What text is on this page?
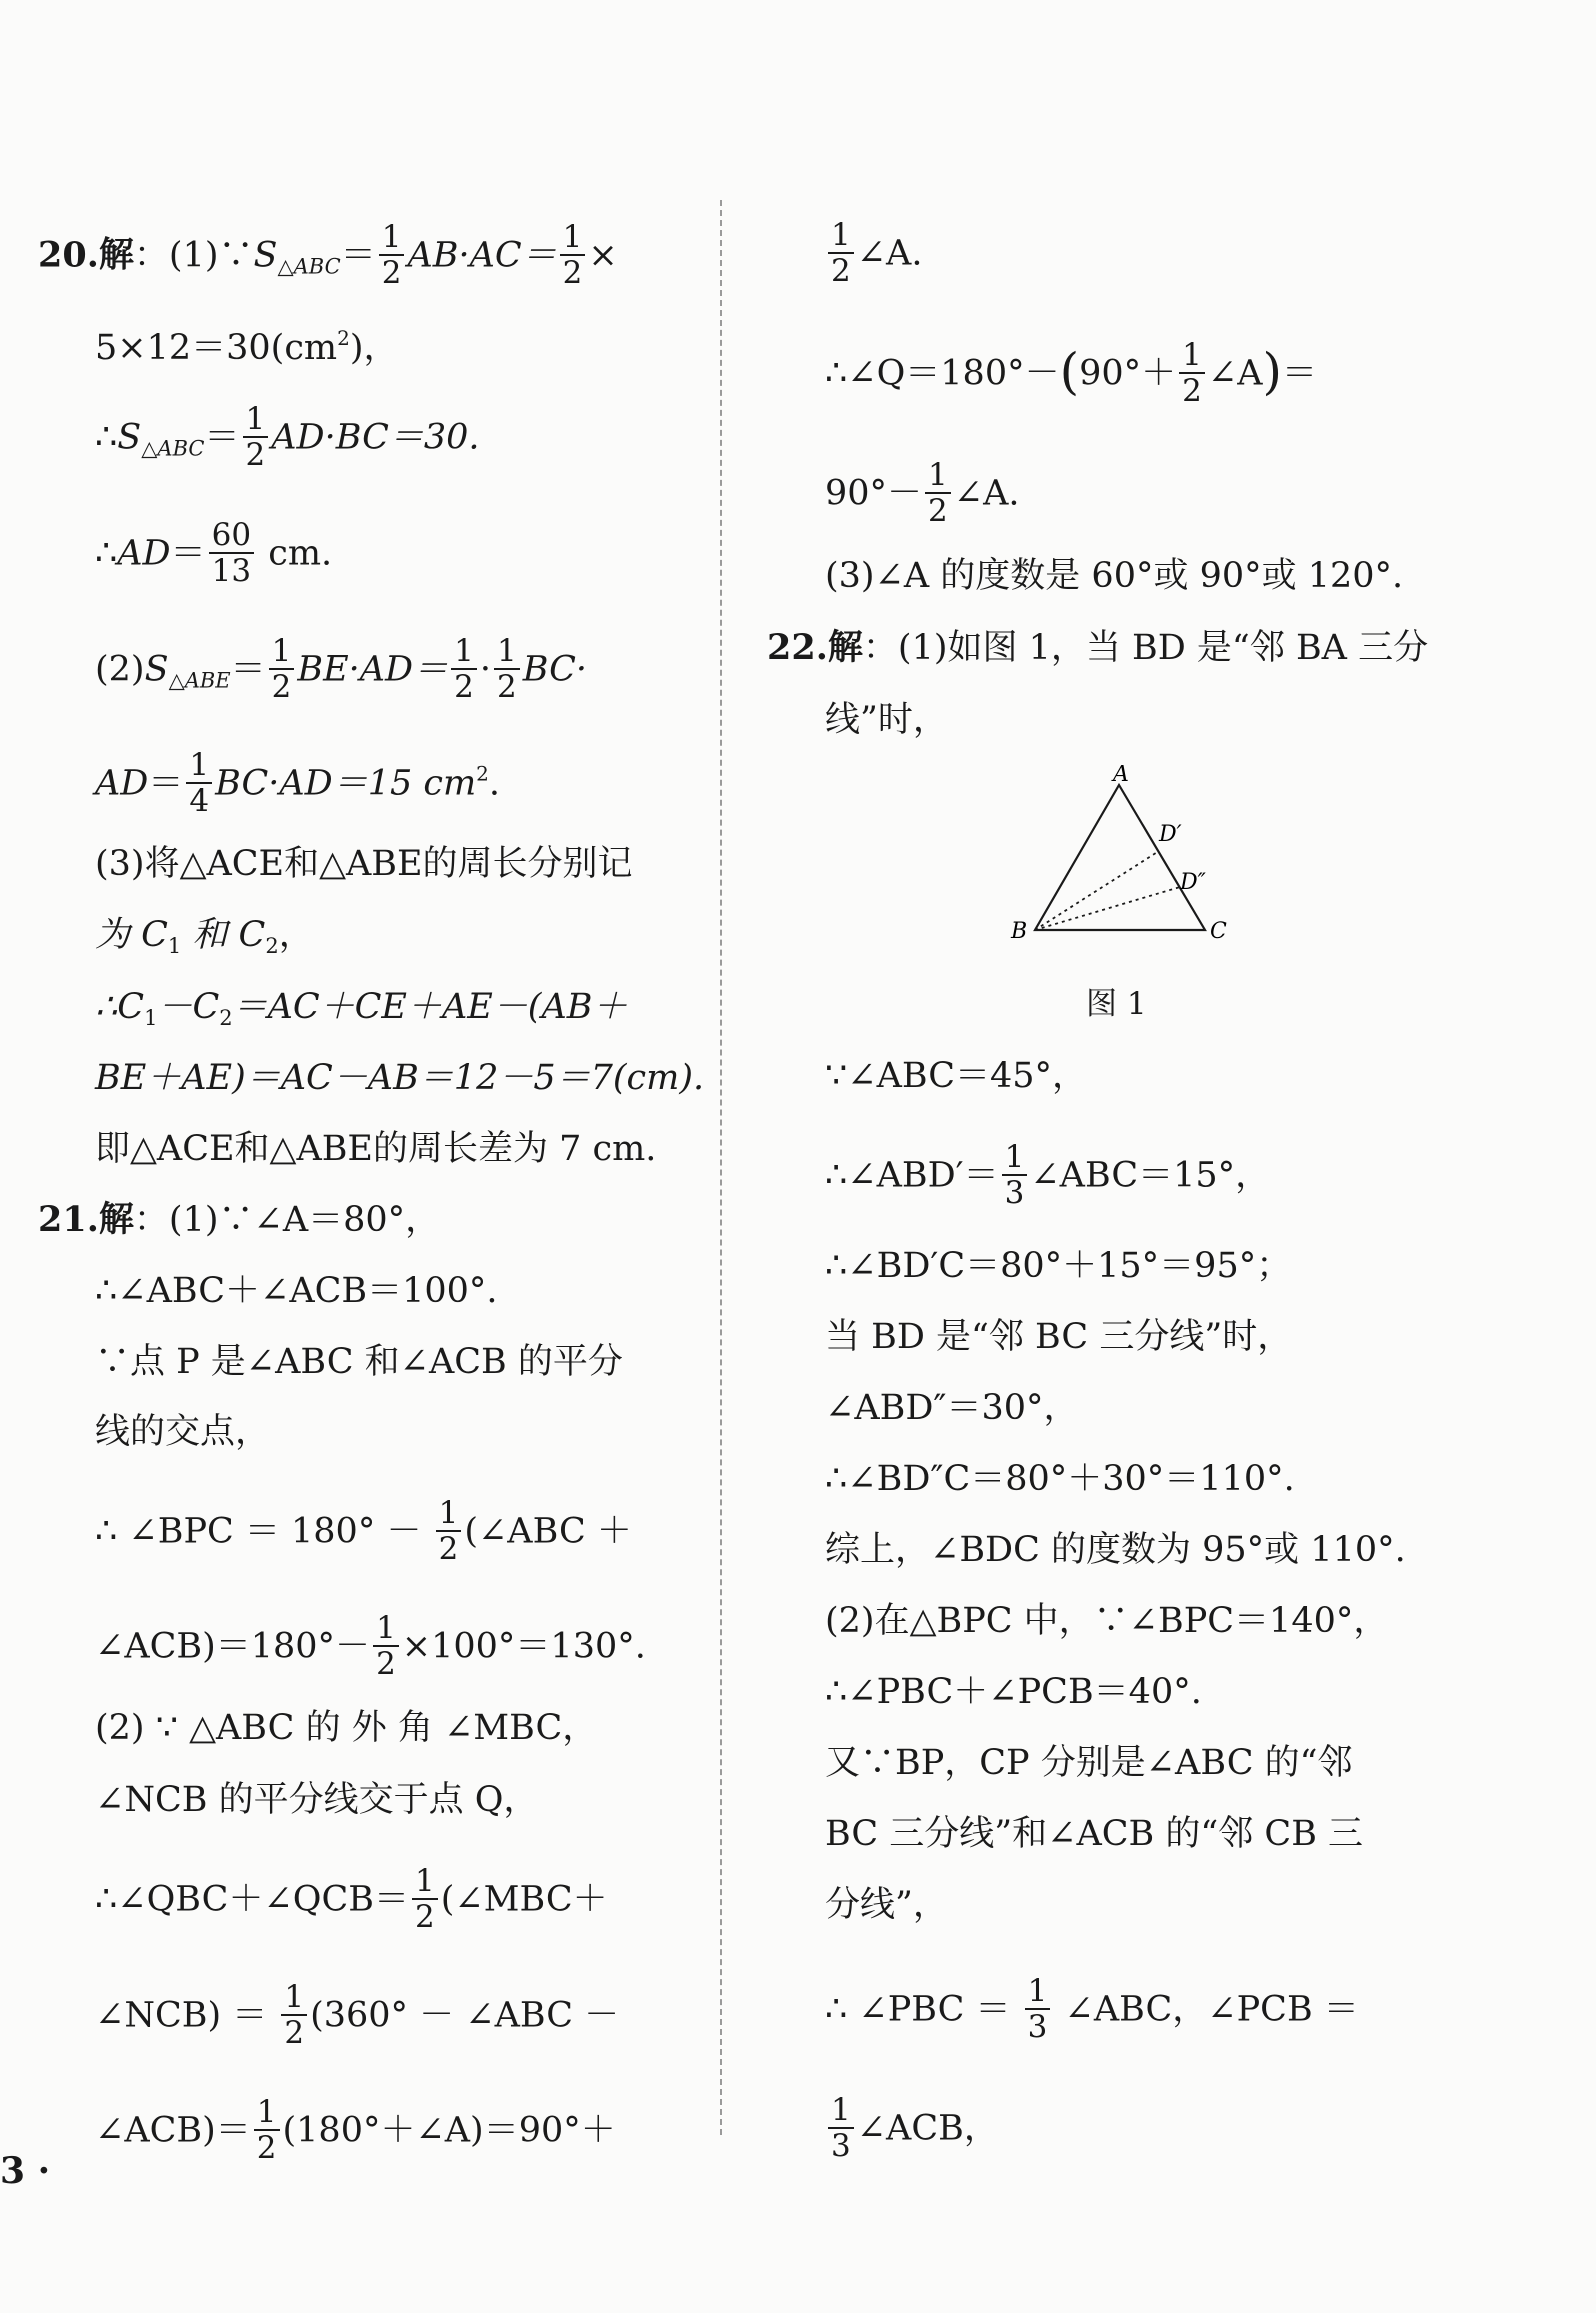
20.解：$(1)\because S_{\triangle ABC}= \frac{1}{2} AB\cdot AC= \frac{1}{2}$ ×
$5\times 12=30(cm^2)$，
$\therefore S_{\triangle ABC}= \frac{1}{2} AD\cdot BC=30$.
∴AD＝ $\frac{60}{13}$ cm.
$(2)S_{\triangle ABE}= \frac{1}{2} BE\cdot AD= \frac{1}{2} \cdot \frac{1}{2} BC\cdot$
$AD= \frac{1}{4} BC\cdot AD=15$ $cm^2$.
(3)将△ACE和△ABE的周长分别记
为 $C_1$ 和 $C_2$，
$\therefore C_1-C_2=AC+CE+AE-(AB+$
BE＋AE)＝AC－AB＝12－5＝7(cm).
即△ACE和△ABE的周长差为 7 cm.
21.解：(1)∵∠A＝80°，
∴∠ABC＋∠ACB＝100°.
∵点 P 是∠ABC 和∠ACB 的平分
线的交点，
∴ ∠BPC ＝ $180^\circ - \frac{1}{2}$ (∠ABC ＋
∠ACB)＝180°－ $\frac{1}{2} \times 100^\circ=130^\circ$.
(2) ∵ △ABC 的 外 角 ∠MBC，
∠NCB 的平分线交于点 Q，
∴∠QBC＋∠QCB＝ $\frac{1}{2}$ (∠MBC＋
∠NCB) ＝ $\frac{1}{2} (360^\circ$ － ∠ABC －
∠ACB)＝ $\frac{1}{2}$ (180°＋∠A)＝90°＋
$\frac{1}{2}$ ∠A.
∴∠Q＝180°－(90°＋ $\frac{1}{2}$ ∠A)＝
$90^\circ- \frac{1}{2}$ ∠A.
(3)∠A 的度数是 60°或 90°或 120°.
22.解：(1)如图 1，当 BD 是“邻 BA 三分
线”时，
∵∠ABC＝45°，
∴∠ABD′＝ $\frac{1}{3}$ ∠ABC＝15°，
∴∠BD′C＝80°＋15°＝95°；
当 BD 是“邻 BC 三分线”时，
∠ABD″＝30°，
∴∠BD″C＝80°＋30°＝110°.
综上，∠BDC 的度数为 95°或 110°.
(2)在△BPC 中，∵∠BPC＝140°，
∴∠PBC＋∠PCB＝40°.
又∵BP，CP 分别是∠ABC 的“邻
BC 三分线”和∠ACB 的“邻 CB 三
分线”，
∴ ∠PBC ＝ $\frac{1}{3}$ ∠ABC，∠PCB ＝
$\frac{1}{3}$ ∠ACB，
A
D′
D″
B	C
图 1
3 ·
